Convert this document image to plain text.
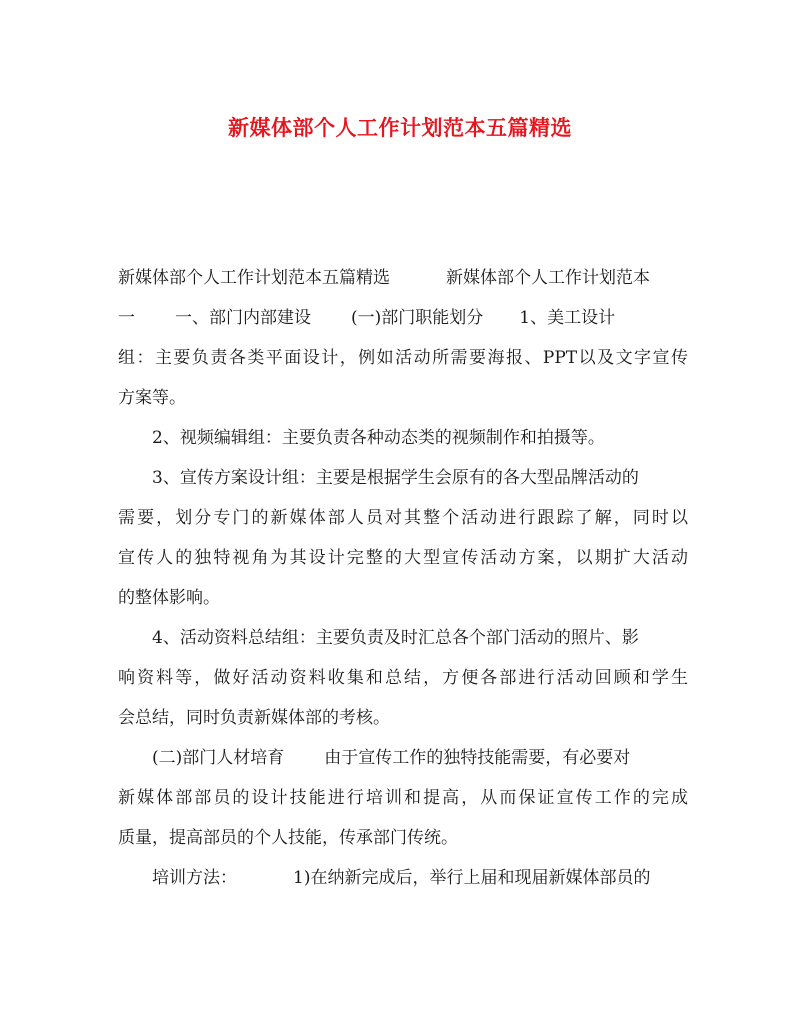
新媒体部个人工作计划范本五篇精选
新媒体部个人工作计划范本五篇精选	新媒体部个人工作计划范本
一 一、部门内部建设 (一)部门职能划分 1、美工设计
组：主要负责各类平面设计，例如活动所需要海报、PPT以及文字宣传
方案等。
2、视频编辑组：主要负责各种动态类的视频制作和拍摄等。
3、宣传方案设计组：主要是根据学生会原有的各大型品牌活动的
需要，划分专门的新媒体部人员对其整个活动进行跟踪了解，同时以
宣传人的独特视角为其设计完整的大型宣传活动方案，以期扩大活动
的整体影响。
4、活动资料总结组：主要负责及时汇总各个部门活动的照片、影
响资料等，做好活动资料收集和总结，方便各部进行活动回顾和学生
会总结，同时负责新媒体部的考核。
(二)部门人材培育 由于宣传工作的独特技能需要，有必要对
新媒体部部员的设计技能进行培训和提高，从而保证宣传工作的完成
质量，提高部员的个人技能，传承部门传统。
培训方法：	1)在纳新完成后，举行上届和现届新媒体部员的
